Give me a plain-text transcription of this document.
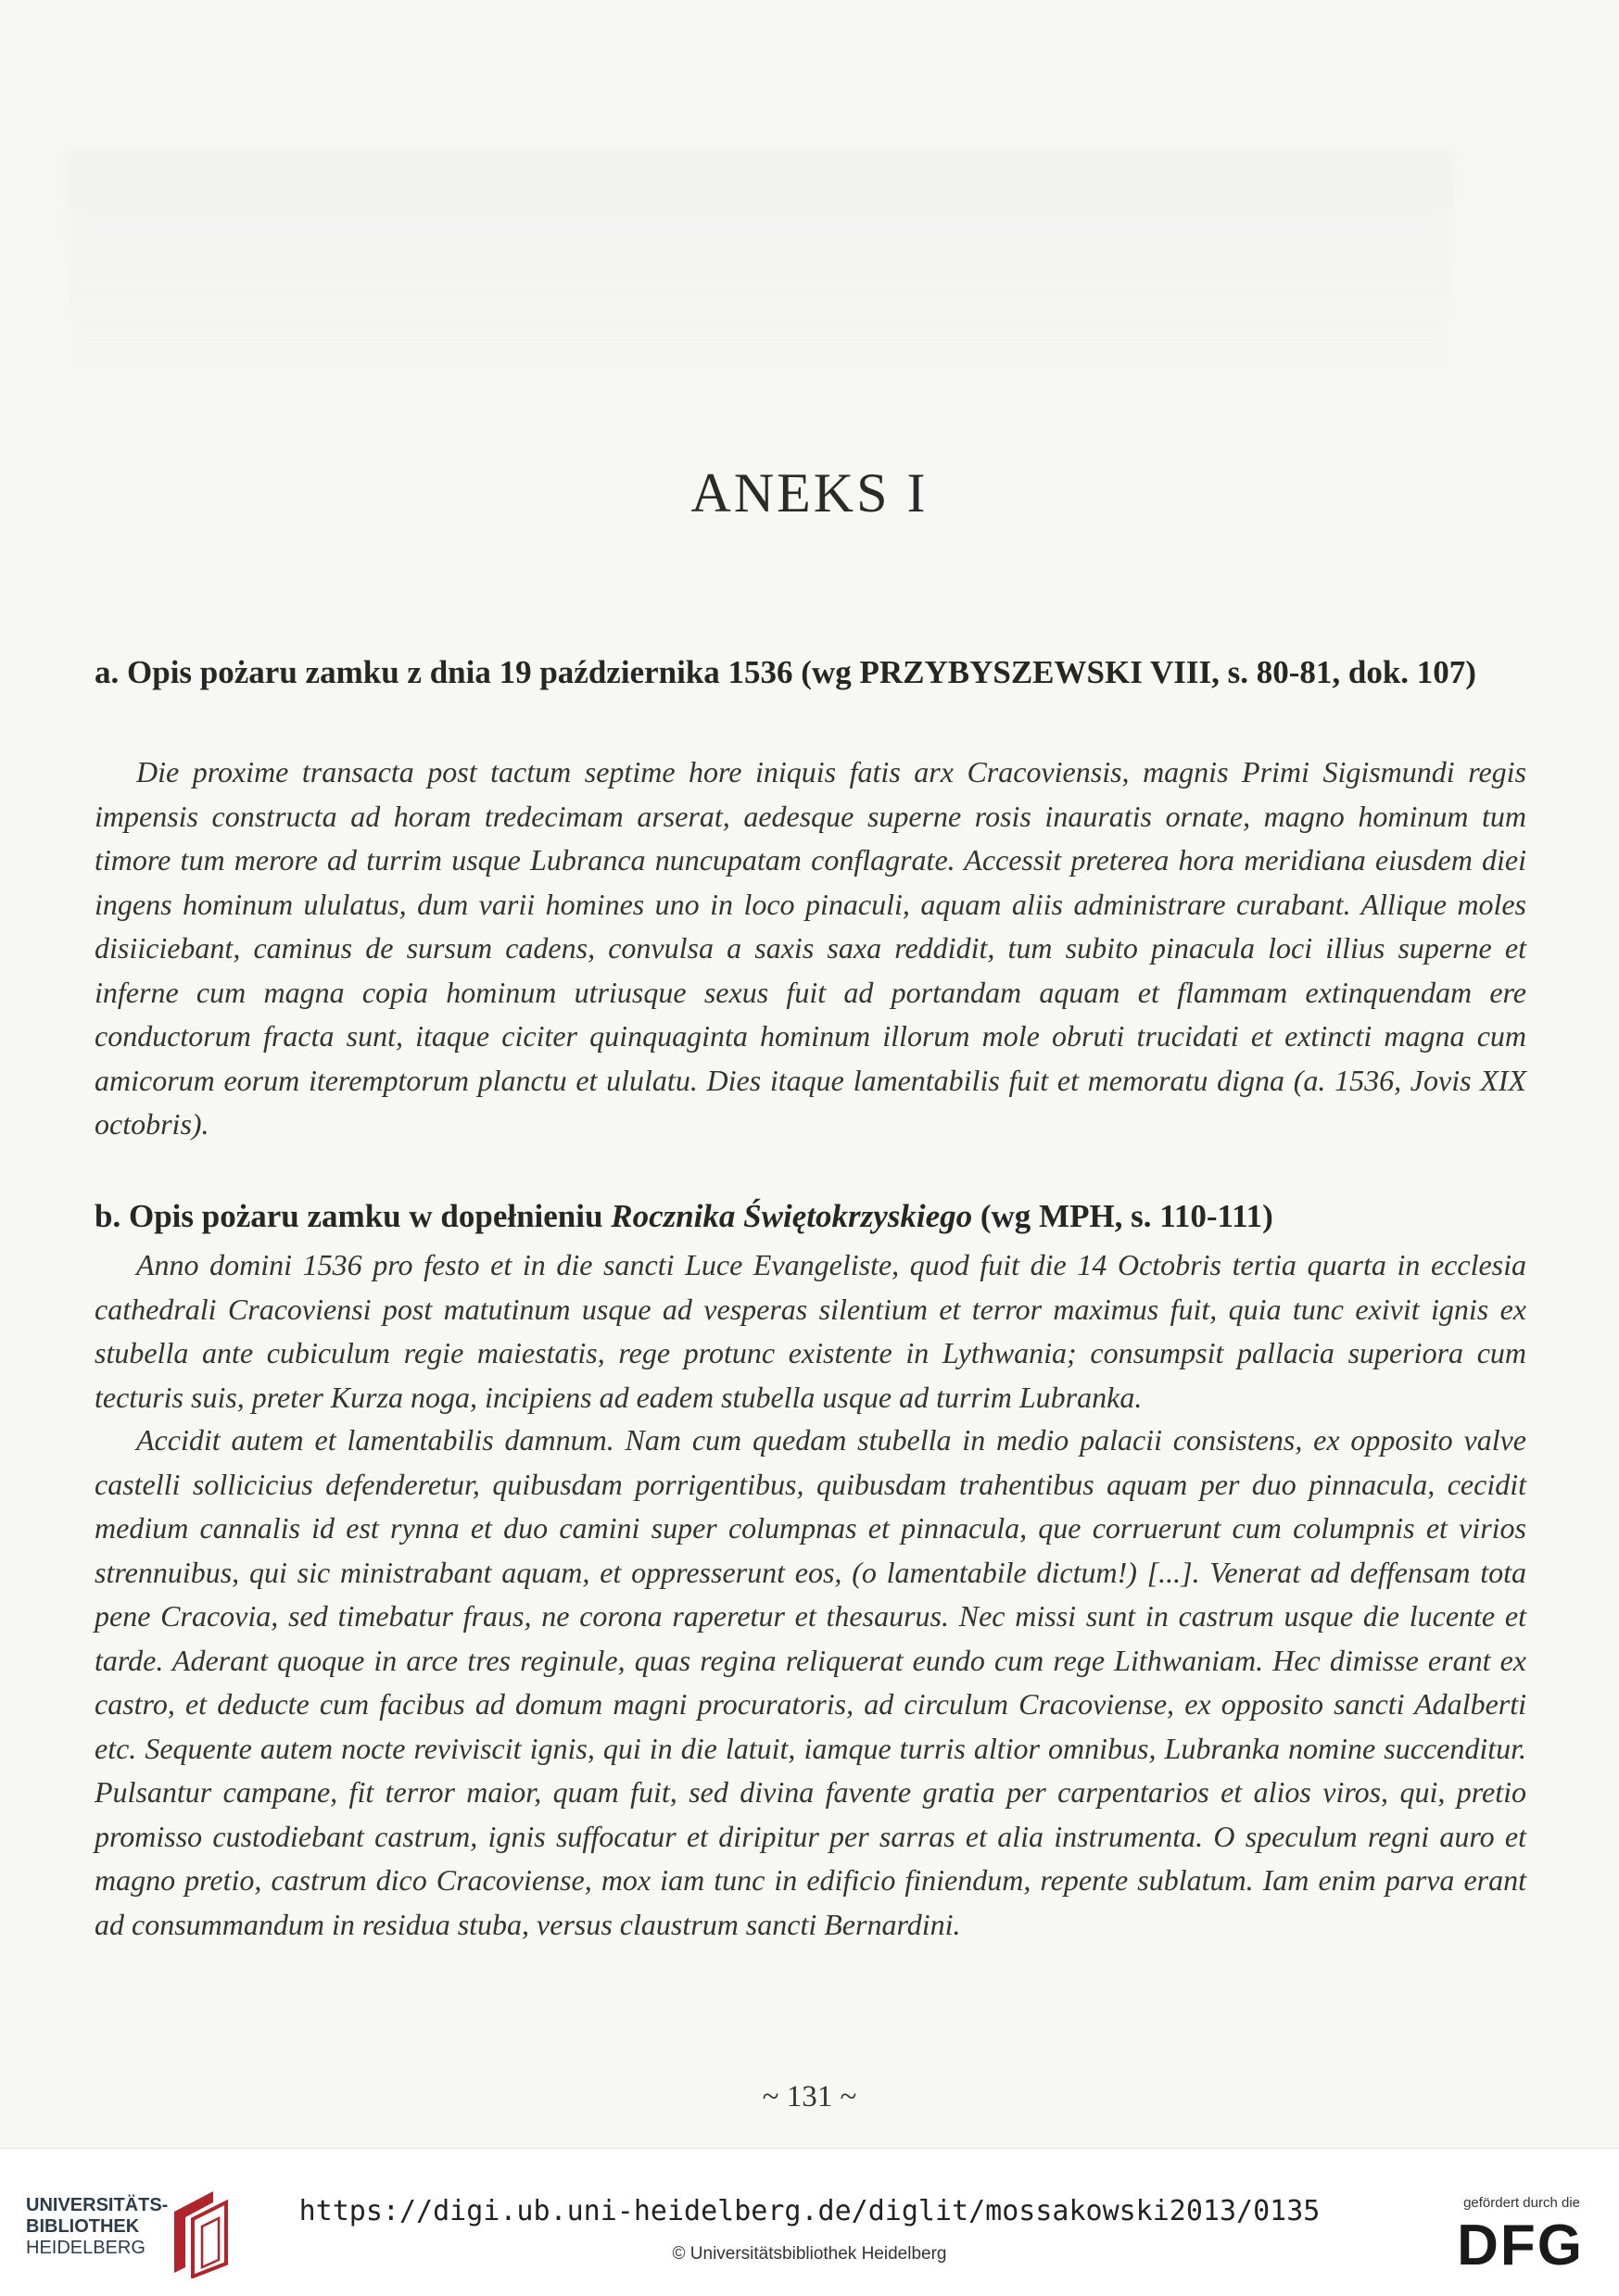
ANEKS I
a. Opis pożaru zamku z dnia 19 października 1536 (wg PRZYBYSZEWSKI VIII, s. 80-81, dok. 107)

Die proxime transacta post tactum septime hore iniquis fatis arx Cracoviensis, magnis Primi Sigismundi regis impensis constructa ad horam tredecimam arserat, aedesque superne rosis inauratis ornate, magno hominum tum timore tum merore ad turrim usque Lubranca nuncupatam conflagrate. Accessit preterea hora meridiana eiusdem diei ingens hominum ululatus, dum varii homines uno in loco pinaculi, aquam aliis administrare curabant. Allique moles disiiciebant, caminus de sursum cadens, convulsa a saxis saxa reddidit, tum subito pinacula loci illius superne et inferne cum magna copia hominum utriusque sexus fuit ad portandam aquam et flammam extinquendam ere conductorum fracta sunt, itaque ciciter quinquaginta hominum illorum mole obruti trucidati et extincti magna cum amicorum eorum iteremptorum planctu et ululatu. Dies itaque lamentabilis fuit et memoratu digna (a. 1536, Jovis XIX octobris).

b. Opis pożaru zamku w dopełnieniu Rocznika Świętokrzyskiego (wg MPH, s. 110-111)

Anno domini 1536 pro festo et in die sancti Luce Evangeliste, quod fuit die 14 Octobris tertia quarta in ecclesia cathedrali Cracoviensi post matutinum usque ad vesperas silentium et terror maximus fuit, quia tunc exivit ignis ex stubella ante cubiculum regie maiestatis, rege protunc existente in Lythwania; consumpsit pallacia superiora cum tecturis suis, preter Kurza noga, incipiens ad eadem stubella usque ad turrim Lubranka.

Accidit autem et lamentabilis damnum. Nam cum quedam stubella in medio palacii consistens, ex opposito valve castelli sollicicius defenderetur, quibusdam porrigentibus, quibusdam trahentibus aquam per duo pinnacula, cecidit medium cannalis id est rynna et duo camini super columpnas et pinnacula, que corruerunt cum columpnis et virios strennuibus, qui sic ministrabant aquam, et oppresserunt eos, (o lamentabile dictum!) [...]. Venerat ad deffensam tota pene Cracovia, sed timebatur fraus, ne corona raperetur et thesaurus. Nec missi sunt in castrum usque die lucente et tarde. Aderant quoque in arce tres reginule, quas regina reliquerat eundo cum rege Lithwaniam. Hec dimisse erant ex castro, et deducte cum facibus ad domum magni procuratoris, ad circulum Cracoviense, ex opposito sancti Adalberti etc. Sequente autem nocte reviviscit ignis, qui in die latuit, iamque turris altior omnibus, Lubranka nomine succenditur. Pulsantur campane, fit terror maior, quam fuit, sed divina favente gratia per carpentarios et alios viros, qui, pretio promisso custodiebant castrum, ignis suffocatur et diripitur per sarras et alia instrumenta. O speculum regni auro et magno pretio, castrum dico Cracoviense, mox iam tunc in edificio finiendum, repente sublatum. Iam enim parva erant ad consummandum in residua stuba, versus claustrum sancti Bernardini.

~ 131 ~
UNIVERSITÄTS-
BIBLIOTHEK
HEIDELBERG
https://digi.ub.uni-heidelberg.de/diglit/mossakowski2013/0135
© Universitätsbibliothek Heidelberg
gefördert durch die
DFG
